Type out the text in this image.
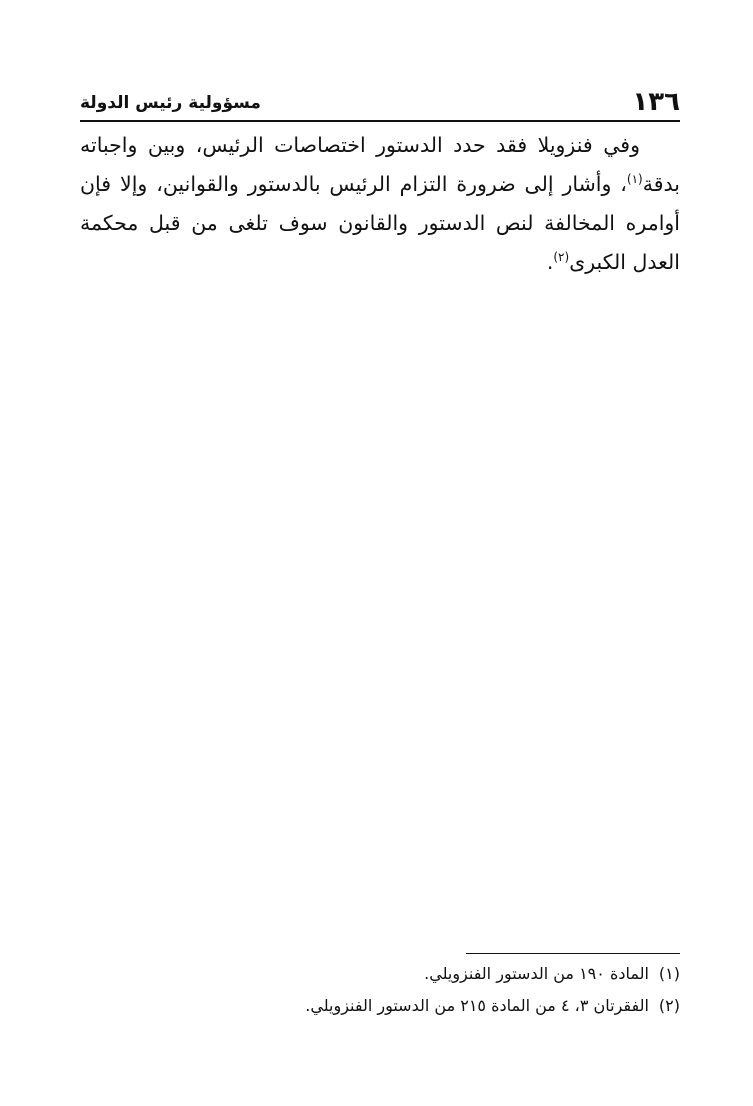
١٣٦
مسؤولية رئيس الدولة

وفي فنزويلا فقد حدد الدستور اختصاصات الرئيس، وبين واجباته بدقة$^{(١)}$، وأشار إلى ضرورة التزام الرئيس بالدستور والقوانين، وإلا فإن أوامره المخالفة لنص الدستور والقانون سوف تلغى من قبل محكمة العدل الكبرى$^{(٢)}$.

(١)المادة ١٩٠ من الدستور الفنزويلي.
(٢)الفقرتان ٣، ٤ من المادة ٢١٥ من الدستور الفنزويلي.
